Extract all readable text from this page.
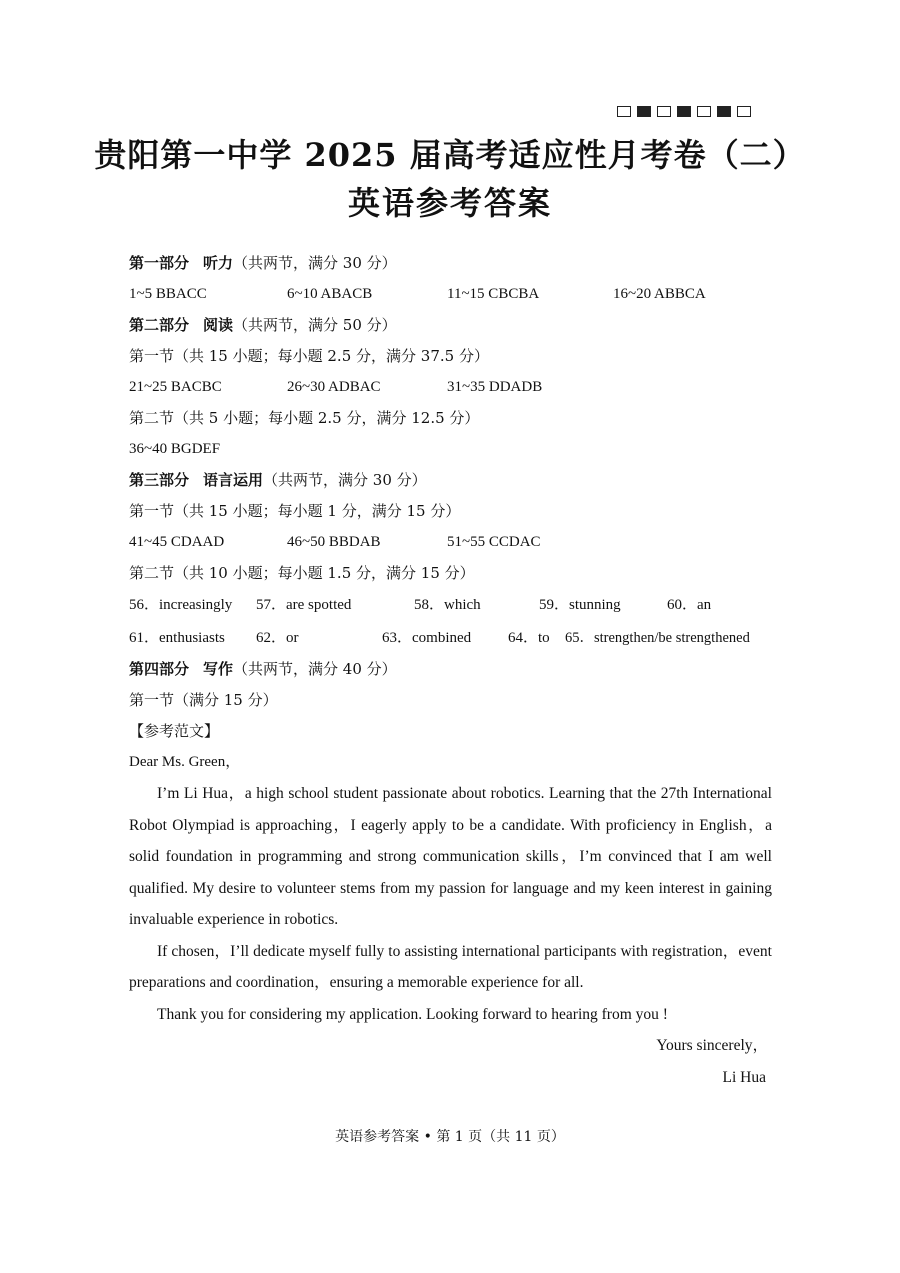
贵阳第一中学 2025 届高考适应性月考卷（二）
英语参考答案
第一部分 听力（共两节，满分 30 分）
1~5 BBACC	6~10 ABACB	11~15 CBCBA	16~20 ABBCA
第二部分 阅读（共两节，满分 50 分）
第一节（共 15 小题；每小题 2.5 分，满分 37.5 分）
21~25 BACBC	26~30 ADBAC	31~35 DDADB
第二节（共 5 小题；每小题 2.5 分，满分 12.5 分）
36~40 BGDEF
第三部分 语言运用（共两节，满分 30 分）
第一节（共 15 小题；每小题 1 分，满分 15 分）
41~45 CDAAD	46~50 BBDAB	51~55 CCDAC
第二节（共 10 小题；每小题 1.5 分，满分 15 分）
56．increasingly 57．are spotted	58．which	59．stunning	60．an
61．enthusiasts 62．or	63．combined 64．to 65．strengthen/be strengthened
第四部分 写作（共两节，满分 40 分）
第一节（满分 15 分）
【参考范文】
Dear Ms. Green，
I’m Li Hua，a high school student passionate about robotics. Learning that the 27th International Robot Olympiad is approaching，I eagerly apply to be a candidate. With proficiency in English，a solid foundation in programming and strong communication skills，I’m convinced that I am well qualified. My desire to volunteer stems from my passion for language and my keen interest in gaining invaluable experience in robotics.
If chosen，I’ll dedicate myself fully to assisting international participants with registration，event preparations and coordination，ensuring a memorable experience for all.
Thank you for considering my application. Looking forward to hearing from you !
Yours sincerely，
Li Hua
英语参考答案 • 第 1 页（共 11 页）
